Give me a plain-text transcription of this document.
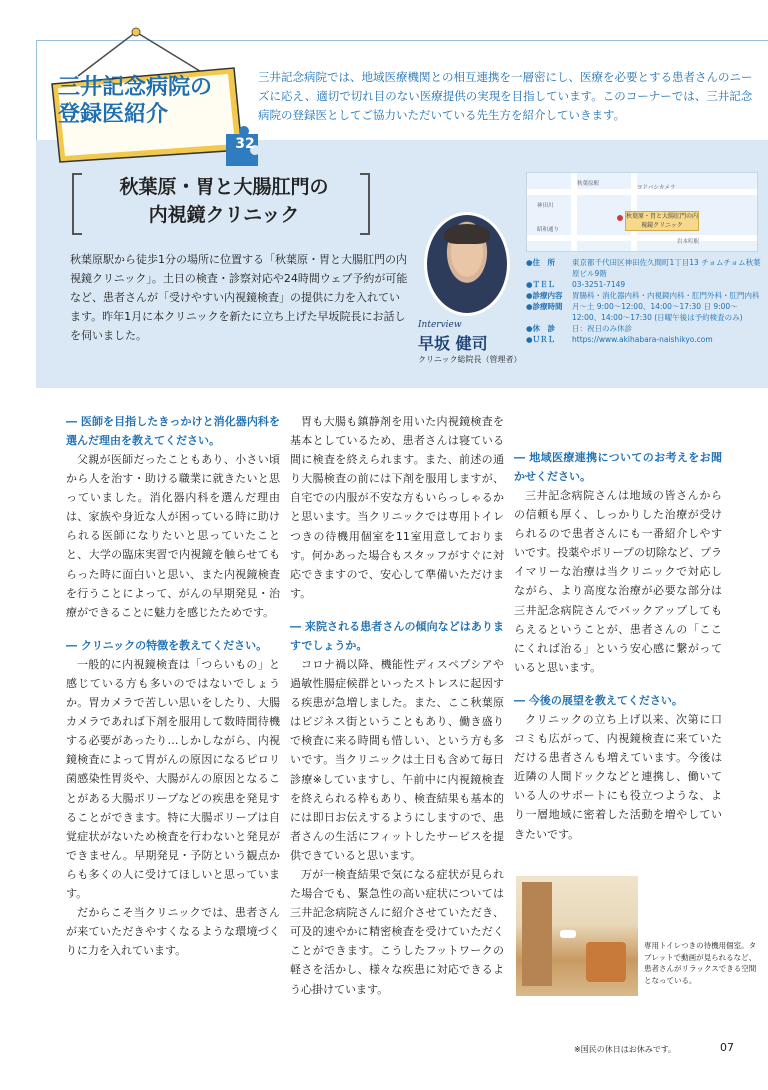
三井記念病院の
登録医紹介
32
三井記念病院では、地域医療機関との相互連携を一層密にし、医療を必要とする患者さんのニーズに応え、適切で切れ目のない医療提供の実現を目指しています。このコーナーでは、三井記念病院の登録医としてご協力いただいている先生方を紹介していきます。
秋葉原・胃と大腸肛門の
内視鏡クリニック
秋葉原駅から徒歩1分の場所に位置する「秋葉原・胃と大腸肛門の内視鏡クリニック」。土日の検査・診察対応や24時間ウェブ予約が可能など、患者さんが「受けやすい内視鏡検査」の提供に力を入れています。昨年1月に本クリニックを新たに立ち上げた早坂院長にお話しを伺いました。
Interview
早坂 健司
クリニック総院長（管理者）
秋葉原駅
ヨドバシカメラ
神田川
昭和通り
岩本町駅
秋葉原・胃と大腸肛門の内視鏡クリニック
●住　所	東京都千代田区神田佐久間町1丁目13 チョムチョム秋葉原ビル9階
●ＴＥＬ	03-3251-7149
●診療内容	胃腸科・消化器内科・内視鏡内科・肛門外科・肛門内科
●診療時間	月〜土 9:00〜12:00、14:00〜17:30 日 9:00〜12:00、14:00〜17:30 (日曜午後は予約検査のみ)
●休　診	日：祝日のみ休診
●ＵＲＬ	https://www.akihabara-naishikyo.com
― 医師を目指したきっかけと消化器内科を選んだ理由を教えてください。

父親が医師だったこともあり、小さい頃から人を治す・助ける職業に就きたいと思っていました。消化器内科を選んだ理由は、家族や身近な人が困っている時に助けられる医師になりたいと思っていたことと、大学の臨床実習で内視鏡を触らせてもらった時に面白いと思い、また内視鏡検査を行うことによって、がんの早期発見・治療ができることに魅力を感じたためです。

― クリニックの特徴を教えてください。

一般的に内視鏡検査は「つらいもの」と感じている方も多いのではないでしょうか。胃カメラで苦しい思いをしたり、大腸カメラであれば下剤を服用して数時間待機する必要があったり…しかしながら、内視鏡検査によって胃がんの原因になるピロリ菌感染性胃炎や、大腸がんの原因となることがある大腸ポリープなどの疾患を発見することができます。特に大腸ポリープは自覚症状がないため検査を行わないと発見ができません。早期発見・予防という観点からも多くの人に受けてほしいと思っています。

だからこそ当クリニックでは、患者さんが来ていただきやすくなるような環境づくりに力を入れています。

胃も大腸も鎮静剤を用いた内視鏡検査を基本としているため、患者さんは寝ている間に検査を終えられます。また、前述の通り大腸検査の前には下剤を服用しますが、自宅での内服が不安な方もいらっしゃるかと思います。当クリニックでは専用トイレつきの待機用個室を11室用意しております。何かあった場合もスタッフがすぐに対応できますので、安心して準備いただけます。

― 来院される患者さんの傾向などはありますでしょうか。

コロナ禍以降、機能性ディスペプシアや過敏性腸症候群といったストレスに起因する疾患が急増しました。また、ここ秋葉原はビジネス街ということもあり、働き盛りで検査に来る時間も惜しい、という方も多いです。当クリニックは土日も含めて毎日診療※していますし、午前中に内視鏡検査を終えられる枠もあり、検査結果も基本的には即日お伝えするようにしますので、患者さんの生活にフィットしたサービスを提供できていると思います。

万が一検査結果で気になる症状が見られた場合でも、緊急性の高い症状については三井記念病院さんに紹介させていただき、可及的速やかに精密検査を受けていただくことができます。こうしたフットワークの軽さを活かし、様々な疾患に対応できるよう心掛けています。

― 地域医療連携についてのお考えをお聞かせください。

三井記念病院さんは地域の皆さんからの信頼も厚く、しっかりした治療が受けられるので患者さんにも一番紹介しやすいです。投薬やポリープの切除など、プライマリーな治療は当クリニックで対応しながら、より高度な治療が必要な部分は三井記念病院さんでバックアップしてもらえるということが、患者さんの「ここにくれば治る」という安心感に繋がっていると思います。

― 今後の展望を教えてください。

クリニックの立ち上げ以来、次第に口コミも広がって、内視鏡検査に来ていただける患者さんも増えています。今後は近隣の人間ドックなどと連携し、働いている人のサポートにも役立つような、より一層地域に密着した活動を増やしていきたいです。

専用トイレつきの待機用個室。タブレットで動画が見られるなど、患者さんがリラックスできる空間となっている。
※国民の休日はお休みです。	07
